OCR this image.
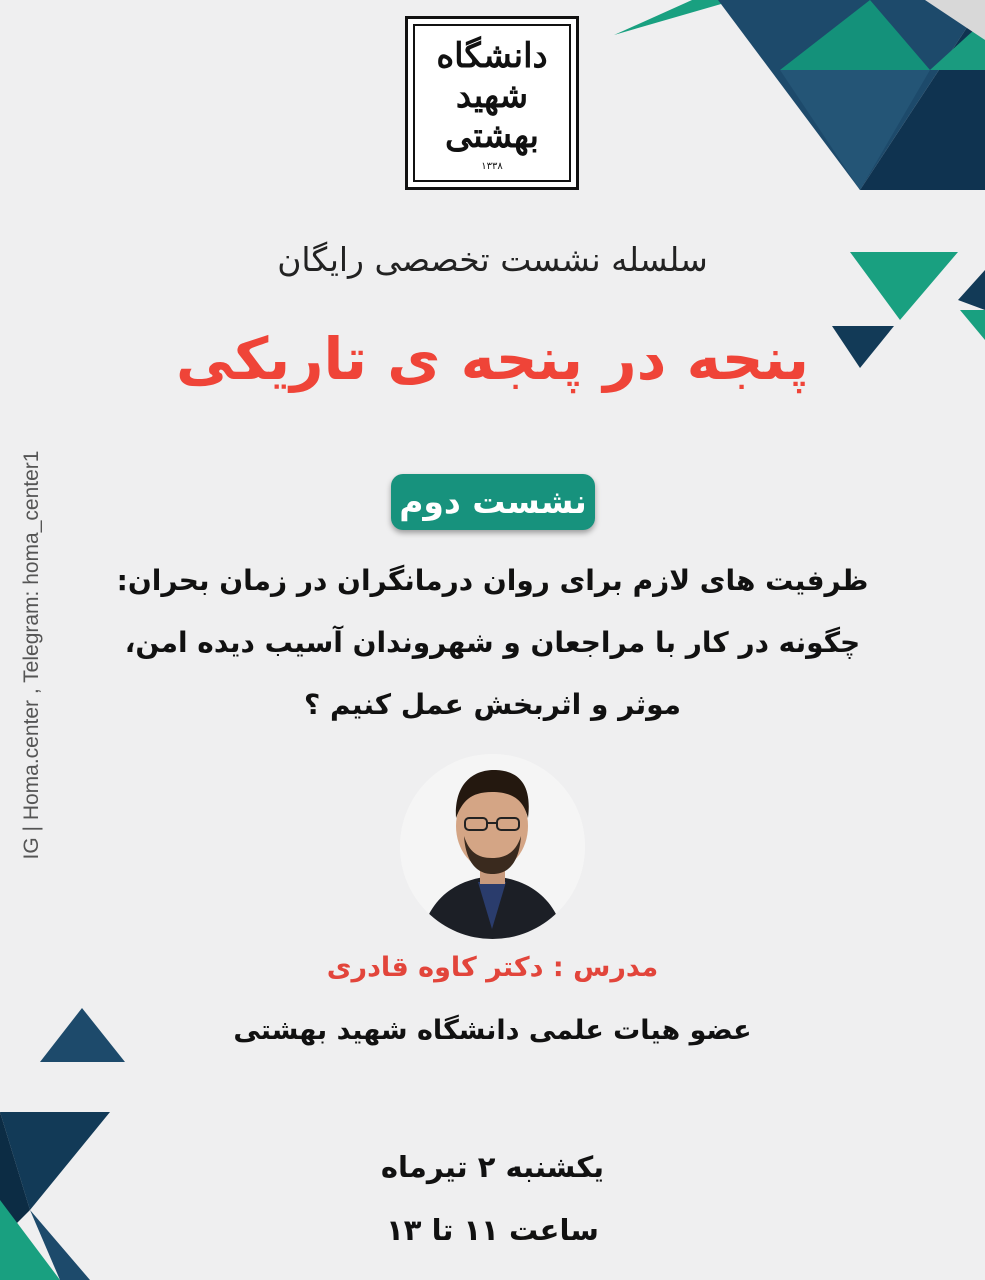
دانشگاه
شهید
بهشتی
۱۳۳۸
سلسله نشست تخصصی رایگان
پنجه در پنجه ی تاریکی
نشست دوم
ظرفیت های لازم برای روان درمانگران در زمان بحران:
چگونه در کار با مراجعان و شهروندان آسیب دیده امن،
موثر و اثربخش عمل کنیم ؟
مدرس : دکتر کاوه قادری
عضو هیات علمی دانشگاه شهید بهشتی
یکشنبه ۲ تیرماه
ساعت ۱۱ تا ۱۳
IG | Homa.center , Telegram: homa_center1
